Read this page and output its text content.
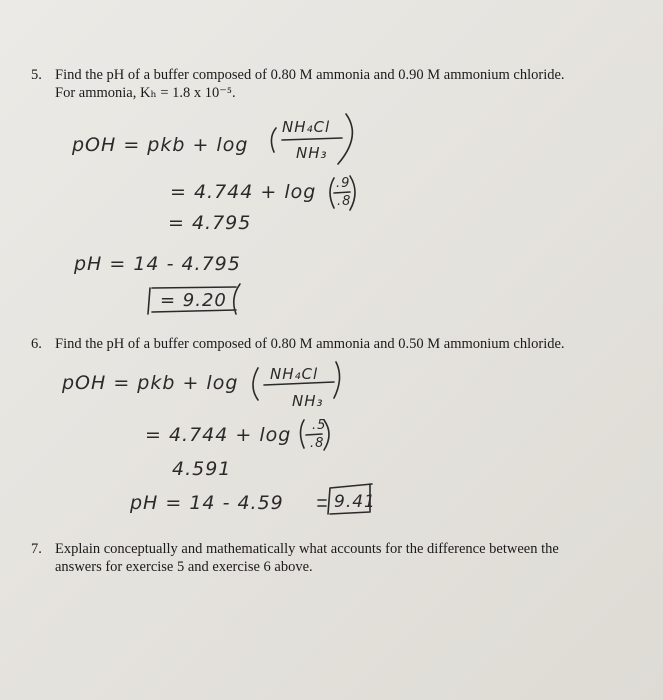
5. Find the pH of a buffer composed of 0.80 M ammonia and 0.90 M ammonium chloride.
For ammonia, Kₕ = 1.8 x 10⁻⁵.
pOH = pkb + log
NH₄Cl
NH₃
= 4.744 + log .9
.8
= 4.795
pH = 14 - 4.795
= 9.20
6. Find the pH of a buffer composed of 0.80 M ammonia and 0.50 M ammonium chloride.
pOH = pkb + log NH₄Cl
NH₃
= 4.744 + log .5
.8
4.591
pH = 14 - 4.59	9.41
7. Explain conceptually and mathematically what accounts for the difference between the
answers for exercise 5 and exercise 6 above.
